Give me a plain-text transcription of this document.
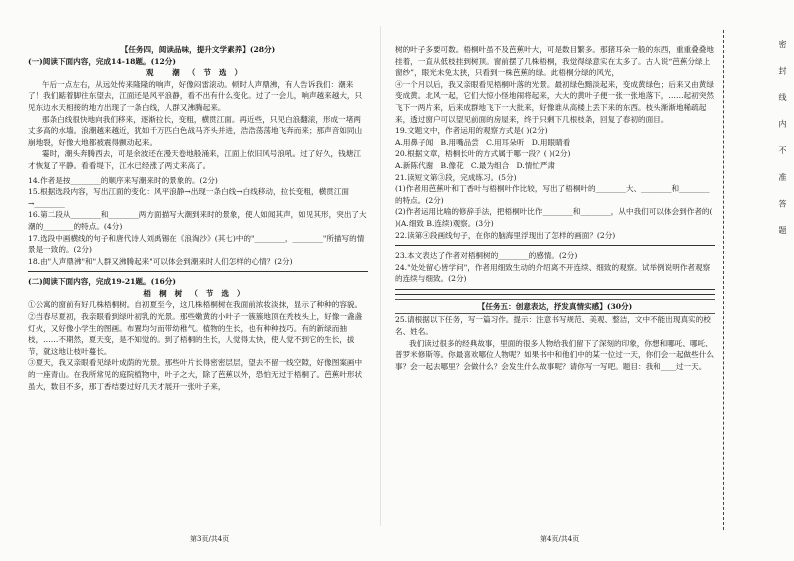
【任务四，阅读品味，提升文学素养】(28分)

(一)阅读下面内容，完成14-18题。(12分)

观 潮（节选）

午后一点左右，从远处传来隆隆的响声，好像闷雷滚动。顿时人声鼎沸，有人告诉我们：潮来了！我们踮着脚往东望去，江面还是风平浪静，看不出有什么变化。过了一会儿，响声越来越大，只见东边水天相接的地方出现了一条白线，人群又沸腾起来。

那条白线很快地向我们移来，逐渐拉长，变粗，横贯江面。再近些，只见白浪翻滚，形成一堵两丈多高的水墙。浪潮越来越近，犹如千万匹白色战马齐头并进，浩浩荡荡地飞奔而来；那声音如同山崩地裂，好像大地都被震得颤动起来。

霎时，潮头奔腾西去，可是余波还在漫天卷地般涌来，江面上依旧风号浪吼。过了好久，钱塘江才恢复了平静。看看堤下，江水已经涨了两丈来高了。

14.作者是按________的顺序来写潮来时的景象的。(2分)

15.根据选段内容，写出江面的变化：风平浪静→出现一条白线→白线移动，拉长变粗，横贯江面→________

16.第二段从________和________两方面描写大潮到来时的景象，使人如闻其声，如见其形，突出了大潮的________的特点。(4分)

17.选段中画横线的句子和唐代诗人刘禹锡在《浪淘沙》(其七)中的"________，________"所描写的情景是一致的。(2分)

18.由"人声鼎沸"和"人群又沸腾起来"可以体会到潮来时人们怎样的心情？(2分)

(二)阅读下面内容，完成19-21题。(16分)

梧桐树（节选）

①公寓的窗前有好几株梧桐树。自初夏至今，这几株梧桐树在我面前浓妆淡抹，显示了种种的容貌。

②当春尽夏初，我亲眼看到绿叶初乳的光景。那些嫩黄的小叶子一簇簇地顶在秃枝头上，好像一盏盏灯火，又好像小学生的图画。布置均匀而带幼稚气。植物的生长，也有种种技巧。有的新绿而抽枝，……不期然，夏天变，是不知觉的。到了梧桐的生长，人觉得太快，使人觉不到它的生长，拔节，就这地让枝叶蔓长。

③夏天，我又亲眼看见绿叶成荫的光景。那些叶片长得密密层层，望去不留一线空隙，好像图案画中的一座青山。在我所常见的庭院植物中，叶子之大，除了芭蕉以外，恐怕无过于梧桐了。芭蕉叶形状虽大，数目不多，那丁香结要过好几天才展开一张叶子来，

树的叶子多要可数。梧桐叶虽不及芭蕉叶大，可是数目繁多。那猪耳朵一般的东西，重重叠叠地挂着，一直从低枝挂到树顶。窗前摆了几株梧桐，我觉得绿意实在太多了。古人说“芭蕉分绿上窗纱”，眼光未免太狭，只看到一株芭蕉的绿。此梧桐分绿的风光，

④一个月以后，我又亲眼看见梧桐叶落的光景。最初绿色黯淡起来，变成黄绿色；后来又由黄绿变成黄。北风一起，它们大惊小怪地闹将起来，大大的黄叶子便一张一张地落下，……起初突然飞下一两片来，后来成群地飞下一大批来，好像谁从高楼上丢下来的东西。枝头渐渐地稀疏起来，透过窗户可以望见前面的房屋来，终于只剩下几根枝条，回复了春初的面目。

19.文题文中，作者运用的观察方式是( )(2分)

A.用鼻子闻   B.用嘴品尝   C.用耳朵听   D.用眼睛看

20.根据文章，梧桐长叶的方式属于哪一段？( )(2分)

A.新陈代谢   B.像花   C.最为组合   D.情忙严肃

21.读短文第③段，完成练习。(5分)

(1)作者用芭蕉叶和丁香叶与梧桐叶作比较，写出了梧桐叶的________大、________和________的特点。(2分)

(2)作者运用比喻的修辞手法，把梧桐叶比作________和________，从中我们可以体会到作者的( )(A.细致 B.连续)观察。(3分)

22.读第④段画线句子，在你的脑海里浮现出了怎样的画面？(2分)

23.本文表达了作者对梧桐树的________的感情。(2分)

24."处处留心皆学问"，作者用细致生动的介绍离不开连续、细致的观察。试举例说明作者观察的连续与细致。(2分)

【任务五：创意表达，抒发真情实感】(30分)

25.请根据以下任务，写一篇习作。提示：注意书写规范、美观、整洁，文中不能出现真实的校名、姓名。

我们读过很多的经典故事，里面的很多人物给我们留下了深刻的印象，你想和哪吒、哪吒、普罗米修斯等。你最喜欢哪位人物呢？如果书中和他们中的某一位过一天，你们会一起做些什么事？会一起去哪里？会做什么？会发生什么故事呢？请你写一写吧。题目：我和____过一天。

第3页/共4页	第4页/共4页
密 封 线 内 不 准 答 题
